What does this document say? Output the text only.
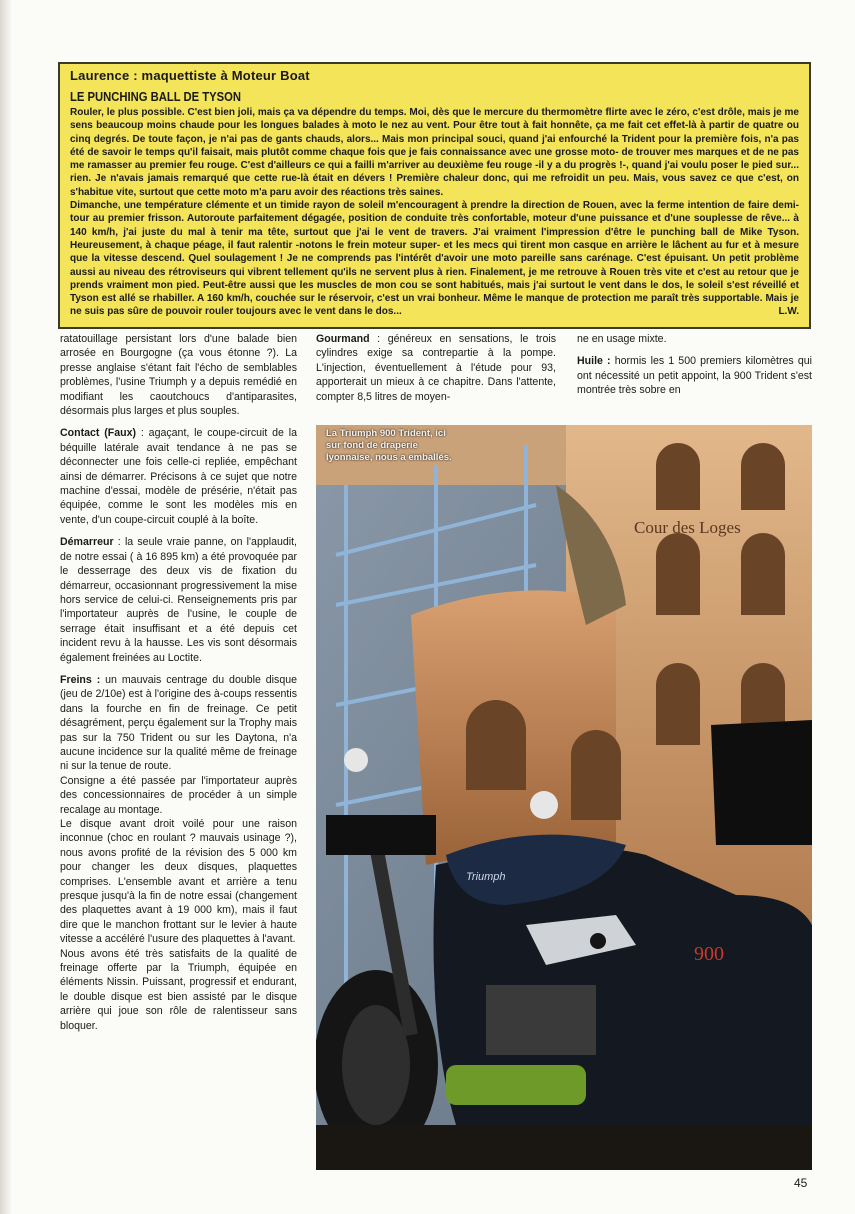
Laurence : maquettiste à Moteur Boat
LE PUNCHING BALL DE TYSON

Rouler, le plus possible. C'est bien joli, mais ça va dépendre du temps. Moi, dès que le mercure du thermomètre flirte avec le zéro, c'est drôle, mais je me sens beaucoup moins chaude pour les longues balades à moto le nez au vent. Pour être tout à fait honnête, ça me fait cet effet-là à partir de quatre ou cinq degrés. De toute façon, je n'ai pas de gants chauds, alors... Mais mon principal souci, quand j'ai enfourché la Trident pour la première fois, n'a pas été de savoir le temps qu'il faisait, mais plutôt comme chaque fois que je fais connaissance avec une grosse moto- de trouver mes marques et de ne pas me ramasser au premier feu rouge. C'est d'ailleurs ce qui a failli m'arriver au deuxième feu rouge -il y a du progrès !-, quand j'ai voulu poser le pied sur... rien. Je n'avais jamais remarqué que cette rue-là était en dévers ! Première chaleur donc, qui me refroidit un peu. Mais, vous savez ce que c'est, on s'habitue vite, surtout que cette moto m'a paru avoir des réactions très saines.

Dimanche, une température clémente et un timide rayon de soleil m'encouragent à prendre la direction de Rouen, avec la ferme intention de faire demi-tour au premier frisson. Autoroute parfaitement dégagée, position de conduite très confortable, moteur d'une puissance et d'une souplesse de rêve... à 140 km/h, j'ai juste du mal à tenir ma tête, surtout que j'ai le vent de travers. J'ai vraiment l'impression d'être le punching ball de Mike Tyson. Heureusement, à chaque péage, il faut ralentir -notons le frein moteur super- et les mecs qui tirent mon casque en arrière le lâchent au fur et à mesure que la vitesse descend. Quel soulagement ! Je ne comprends pas l'intérêt d'avoir une moto pareille sans carénage. C'est épuisant. Un petit problème aussi au niveau des rétroviseurs qui vibrent tellement qu'ils ne servent plus à rien. Finalement, je me retrouve à Rouen très vite et c'est au retour que je prends vraiment mon pied. Peut-être aussi que les muscles de mon cou se sont habitués, mais j'ai surtout le vent dans le dos, le soleil s'est réveillé et Tyson est allé se rhabiller. A 160 km/h, couchée sur le réservoir, c'est un vrai bonheur. Même le manque de protection me paraît très supportable. Mais je ne suis pas sûre de pouvoir rouler toujours avec le vent dans le dos...	L.W.

ratatouillage persistant lors d'une balade bien arrosée en Bourgogne (ça vous étonne ?). La presse anglaise s'étant fait l'écho de semblables problèmes, l'usine Triumph y a depuis remédié en modifiant les caoutchoucs d'antiparasites, désormais plus larges et plus souples.

Contact (Faux) : agaçant, le coupe-circuit de la béquille latérale avait tendance à ne pas se déconnecter une fois celle-ci repliée, empêchant ainsi de démarrer. Précisons à ce sujet que notre machine d'essai, modèle de présérie, n'était pas équipée, comme le sont les modèles mis en vente, d'un coupe-circuit couplé à la boîte.

Démarreur : la seule vraie panne, on l'applaudit, de notre essai ( à 16 895 km) a été provoquée par le desserrage des deux vis de fixation du démarreur, occasionnant progressivement la mise hors service de celui-ci. Renseignements pris par l'importateur auprès de l'usine, le couple de serrage était insuffisant et a été depuis cet incident revu à la hausse. Les vis sont désormais également freinées au Loctite.

Freins : un mauvais centrage du double disque (jeu de 2/10e) est à l'origine des à-coups ressentis dans la fourche en fin de freinage. Ce petit désagrément, perçu également sur la Trophy mais pas sur la 750 Trident ou sur les Daytona, n'a aucune incidence sur la qualité même de freinage ni sur la tenue de route.

Consigne a été passée par l'importateur auprès des concessionnaires de procéder à un simple recalage au montage.

Le disque avant droit voilé pour une raison inconnue (choc en roulant ? mauvais usinage ?), nous avons profité de la révision des 5 000 km pour changer les deux disques, plaquettes comprises. L'ensemble avant et arrière a tenu presque jusqu'à la fin de notre essai (changement des plaquettes avant à 19 000 km), mais il faut dire que le manchon frottant sur le levier à haute vitesse a accéléré l'usure des plaquettes à l'avant.

Nous avons été très satisfaits de la qualité de freinage offerte par la Triumph, équipée en éléments Nissin. Puissant, progressif et endurant, le double disque est bien assisté par le disque arrière qui joue son rôle de ralentisseur sans bloquer.

Gourmand : généreux en sensations, le trois cylindres exige sa contrepartie à la pompe. L'injection, éventuellement à l'étude pour 93, apporterait un mieux à ce chapitre. Dans l'attente, compter 8,5 litres de moyen-

ne en usage mixte.

Huile : hormis les 1 500 premiers kilomètres qui ont nécessité un petit appoint, la 900 Trident s'est montrée très sobre en

Cour des Loges
Triumph
900
La Triumph 900 Trident, ici sur fond de draperie lyonnaise, nous a emballés.
45
